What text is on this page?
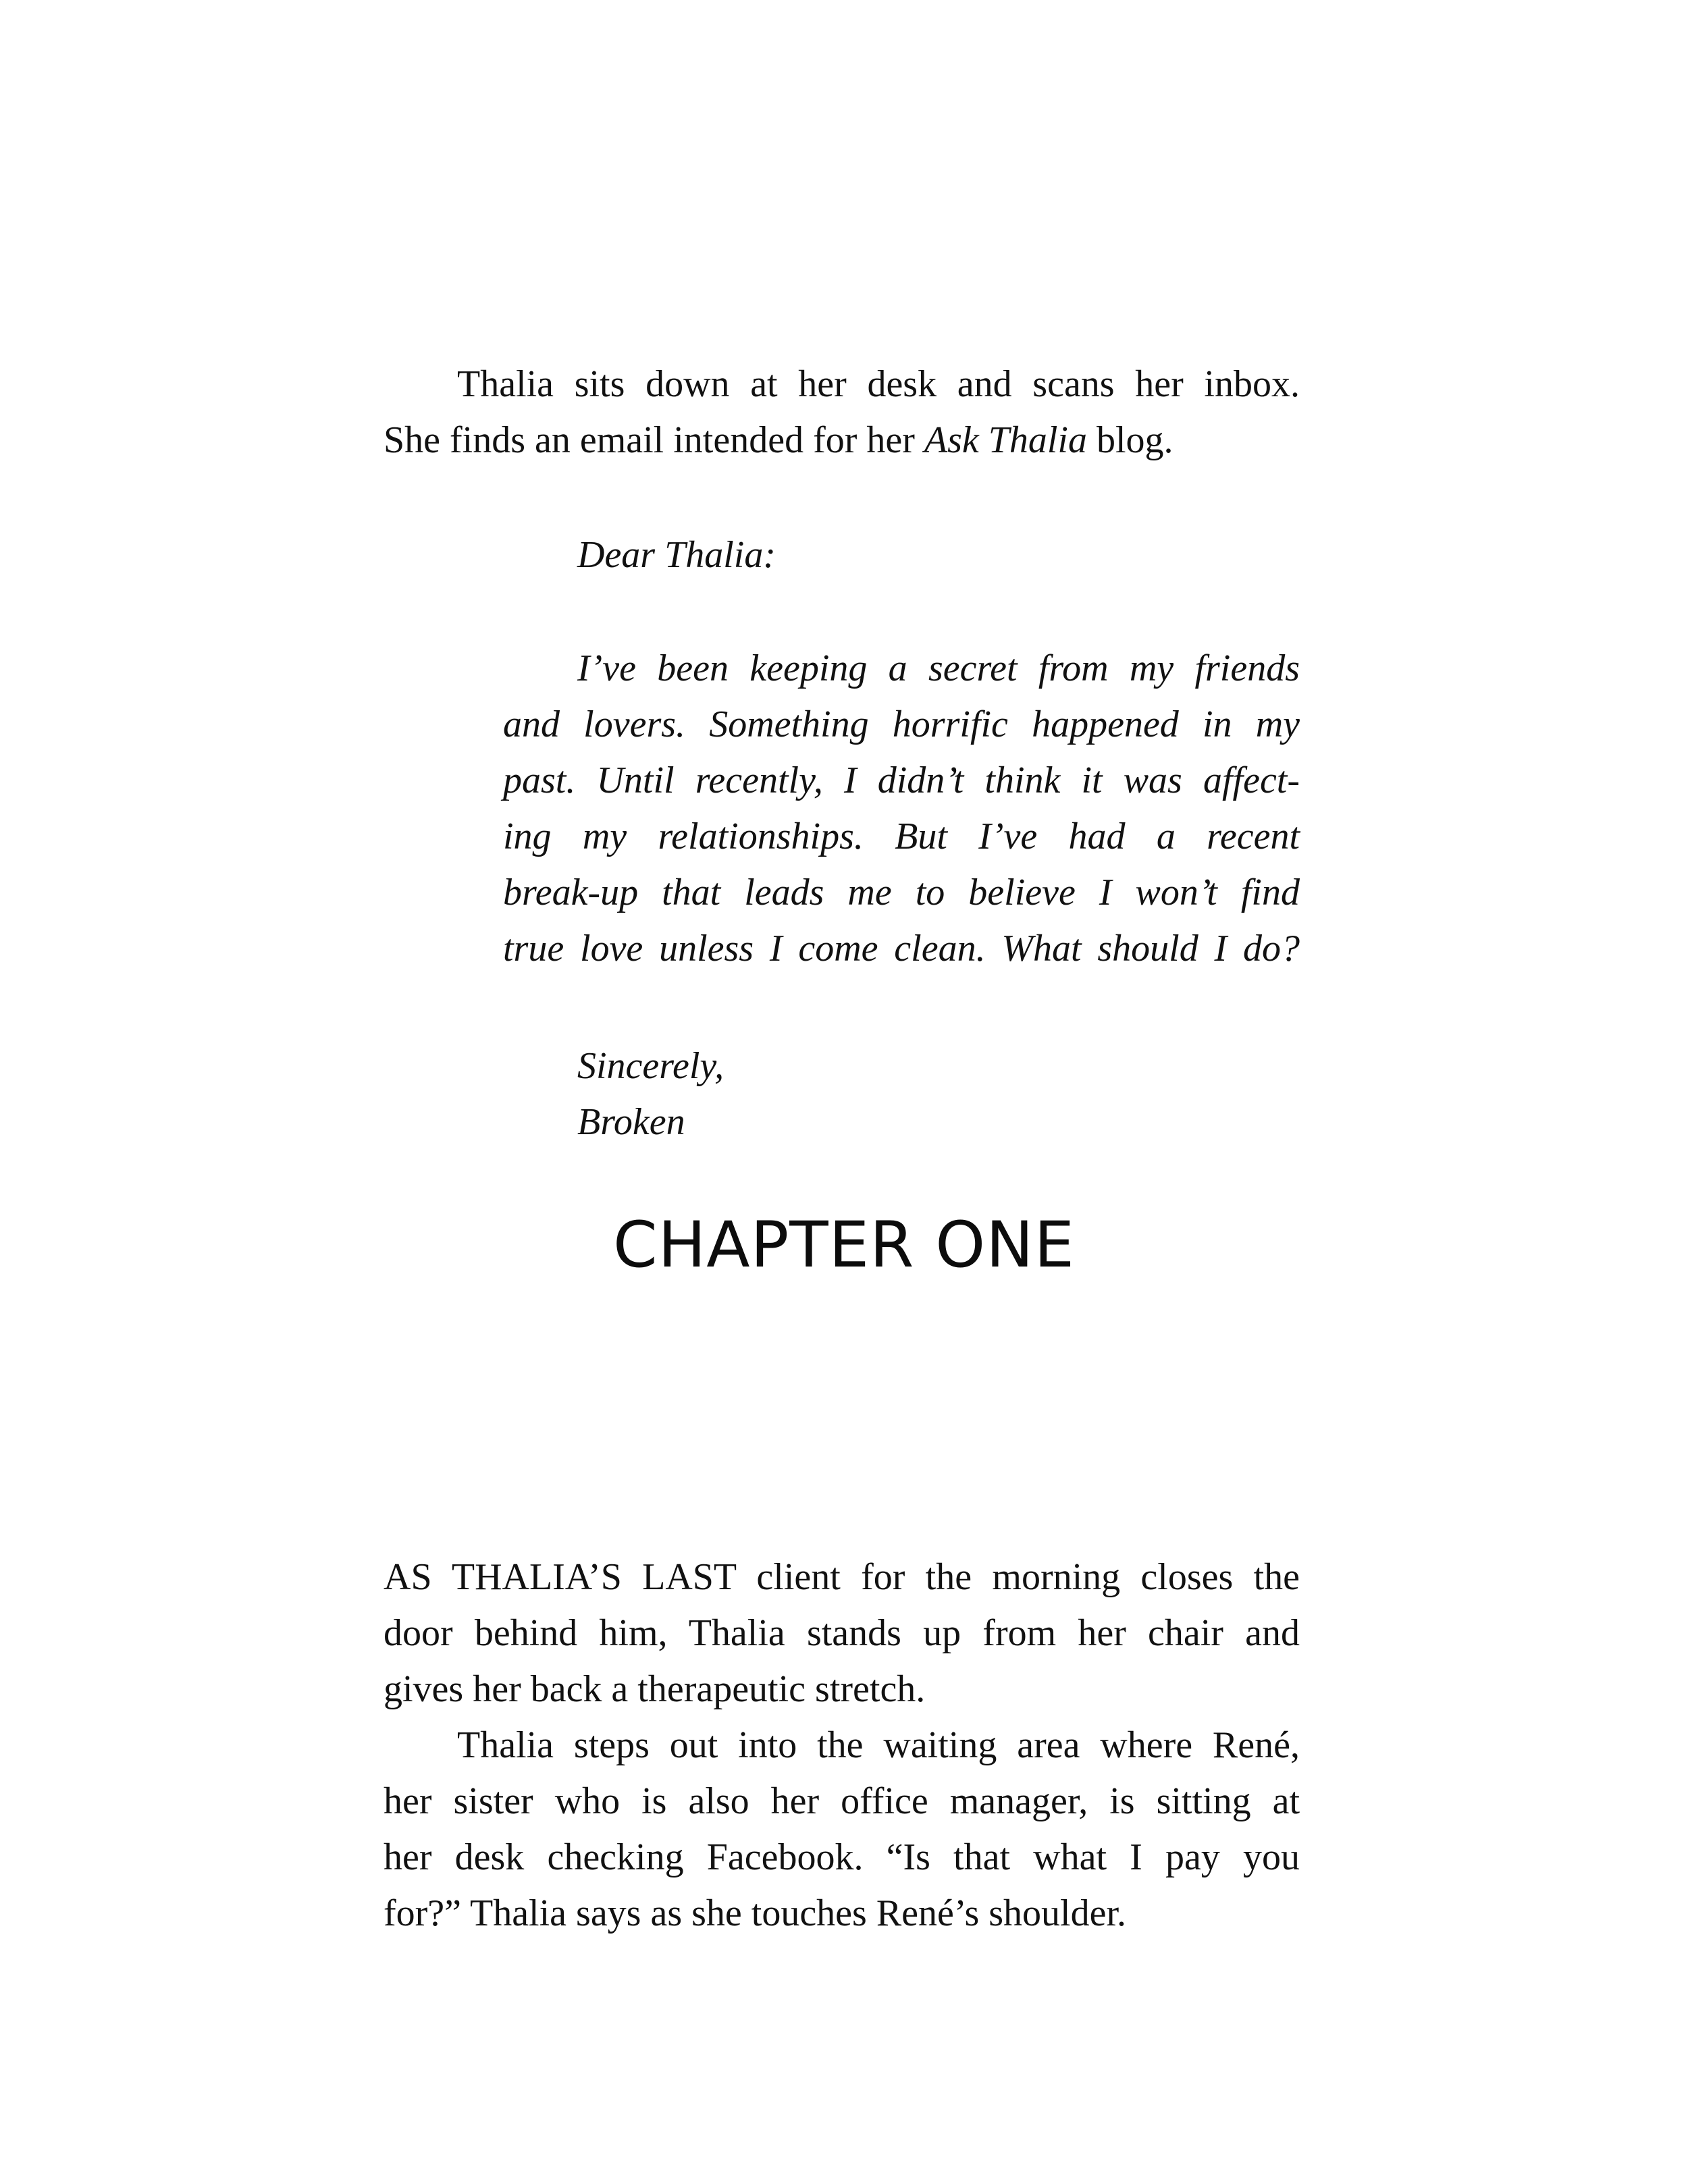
Thalia sits down at her desk and scans her inbox.
She finds an email intended for her Ask Thalia blog.
Dear Thalia:
I’ve been keeping a secret from my friends
and lovers. Something horrific happened in my
past. Until recently, I didn’t think it was affect-
ing my relationships. But I’ve had a recent
break-up that leads me to believe I won’t find
true love unless I come clean. What should I do?
Sincerely,
Broken
CHAPTER ONE
AS THALIA’S LAST client for the morning closes the
door behind him, Thalia stands up from her chair and
gives her back a therapeutic stretch.
Thalia steps out into the waiting area where René,
her sister who is also her office manager, is sitting at
her desk checking Facebook. “Is that what I pay you
for?” Thalia says as she touches René’s shoulder.
